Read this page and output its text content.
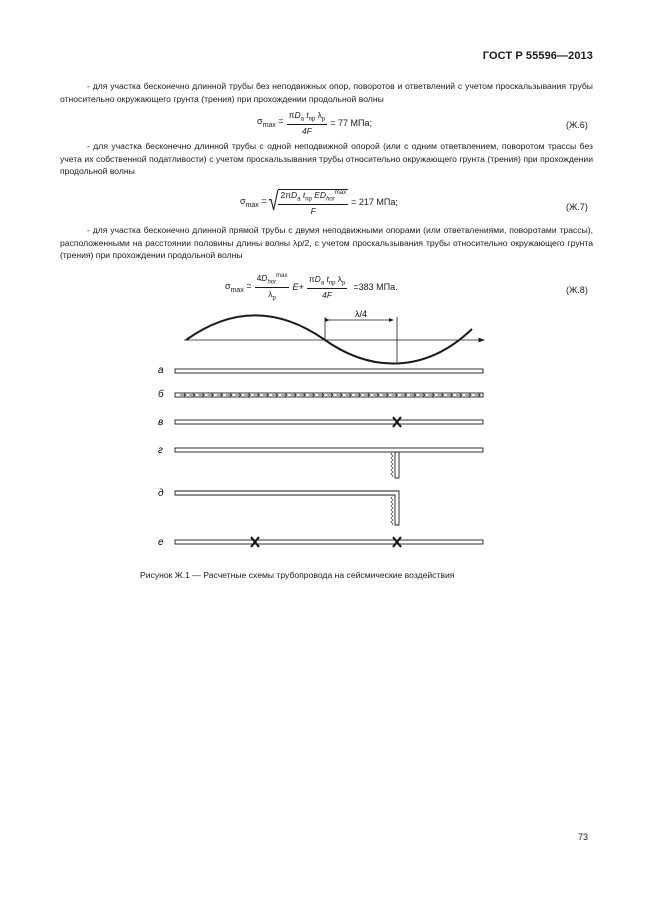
ГОСТ Р 55596—2013
- для участка бесконечно длинной трубы без неподвижных опор, поворотов и ответвлений с учетом проскальзывания трубы относительно окружающего грунта (трения) при прохождении продольной волны
$\sigma_{max} = \frac{\pi D_a t_{пр} \lambda_p}{4F} = 77$ МПа;	(Ж.6)
- для участка бесконечно длинной трубы с одной неподвижной опорой (или с одним ответвлением, поворотом трассы без учета их собственной податливости) с учетом проскальзывания трубы относительно окружающего грунта (трения) при прохождении продольной волны
$\sigma_{max}$ = √ $\frac{2\pi D_a t_{пр} ED_{hor}^{max}}{F} = 217$ МПа;	(Ж.7)
- для участка бесконечно длинной прямой трубы с двумя неподвижными опорами (или ответвлениями, поворотами трассы), расположенными на расстоянии половины длины волны λp/2, с учетом проскальзывания трубы относительно окружающего грунта (трения) при прохождении продольной волны
$\sigma_{max} = \frac{4D_{hor}^{max}}{\lambda_p} E+ \frac{\pi D_a t_{пр} \lambda_p}{4F} =383$ МПа.	(Ж.8)
λ/4
а
б
в
г
д
е
Рисунок Ж.1 — Расчетные схемы трубопровода на сейсмические воздействия
73
